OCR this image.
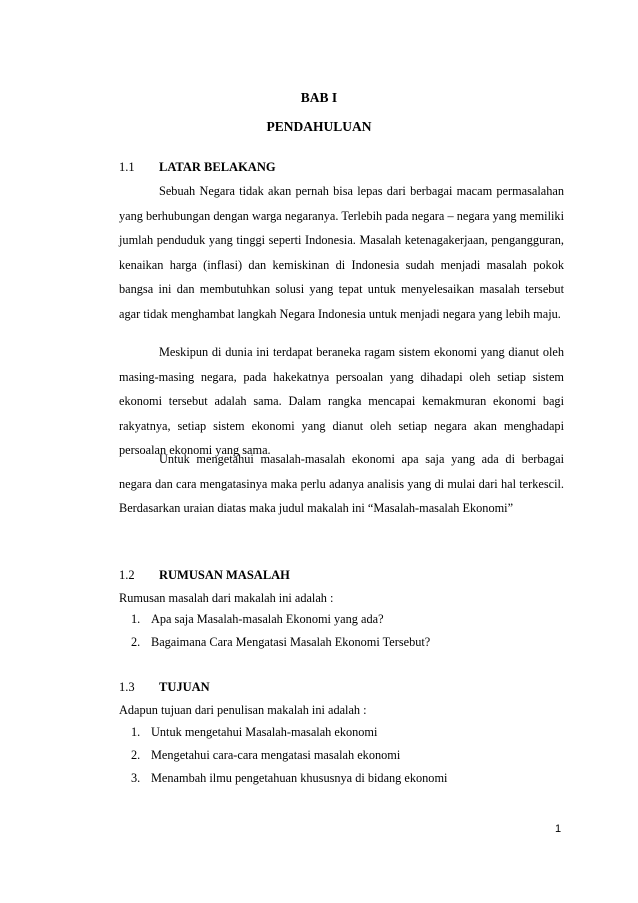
BAB I
PENDAHULUAN
1.1 LATAR BELAKANG

Sebuah Negara tidak akan pernah bisa lepas dari berbagai macam permasalahan yang berhubungan dengan warga negaranya. Terlebih pada negara – negara yang memiliki jumlah penduduk yang tinggi seperti Indonesia. Masalah ketenagakerjaan, pengangguran, kenaikan harga (inflasi) dan kemiskinan di Indonesia sudah menjadi masalah pokok bangsa ini dan membutuhkan solusi yang tepat untuk menyelesaikan masalah tersebut agar tidak menghambat langkah Negara Indonesia untuk menjadi negara yang lebih maju.

Meskipun di dunia ini terdapat beraneka ragam sistem ekonomi yang dianut oleh masing-masing negara, pada hakekatnya persoalan yang dihadapi oleh setiap sistem ekonomi tersebut adalah sama. Dalam rangka mencapai kemakmuran ekonomi bagi rakyatnya, setiap sistem ekonomi yang dianut oleh setiap negara akan menghadapi persoalan ekonomi yang sama.

Untuk mengetahui masalah-masalah ekonomi apa saja yang ada di berbagai negara dan cara mengatasinya maka perlu adanya analisis yang di mulai dari hal terkescil. Berdasarkan uraian diatas maka judul makalah ini “Masalah-masalah Ekonomi”

1.2 RUMUSAN MASALAH
Rumusan masalah dari makalah ini adalah :
1. Apa saja Masalah-masalah Ekonomi yang ada?
2. Bagaimana Cara Mengatasi Masalah Ekonomi Tersebut?
1.3 TUJUAN
Adapun tujuan dari penulisan makalah ini adalah :
1. Untuk mengetahui Masalah-masalah ekonomi
2. Mengetahui cara-cara mengatasi masalah ekonomi
3. Menambah ilmu pengetahuan khususnya di bidang ekonomi
1
